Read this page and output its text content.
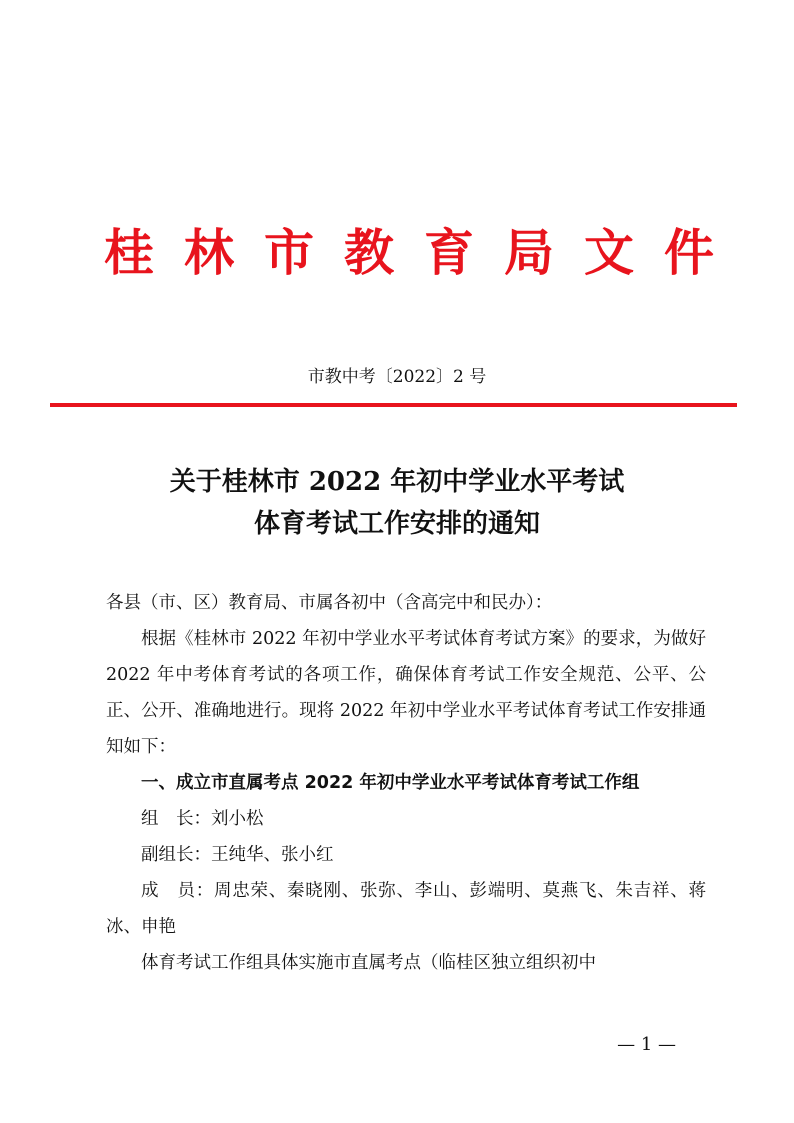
桂 林 市 教 育 局 文 件
市教中考〔2022〕2 号
关于桂林市 2022 年初中学业水平考试
体育考试工作安排的通知

各县（市、区）教育局、市属各初中（含高完中和民办）：

根据《桂林市 2022 年初中学业水平考试体育考试方案》的要求，为做好 2022 年中考体育考试的各项工作，确保体育考试工作安全规范、公平、公正、公开、准确地进行。现将 2022 年初中学业水平考试体育考试工作安排通知如下：

一、成立市直属考点 2022 年初中学业水平考试体育考试工作组

组　长：刘小松

副组长：王纯华、张小红

成　员：周忠荣、秦晓刚、张弥、李山、彭端明、莫燕飞、朱吉祥、蒋冰、申艳

体育考试工作组具体实施市直属考点（临桂区独立组织初中

— 1 —
